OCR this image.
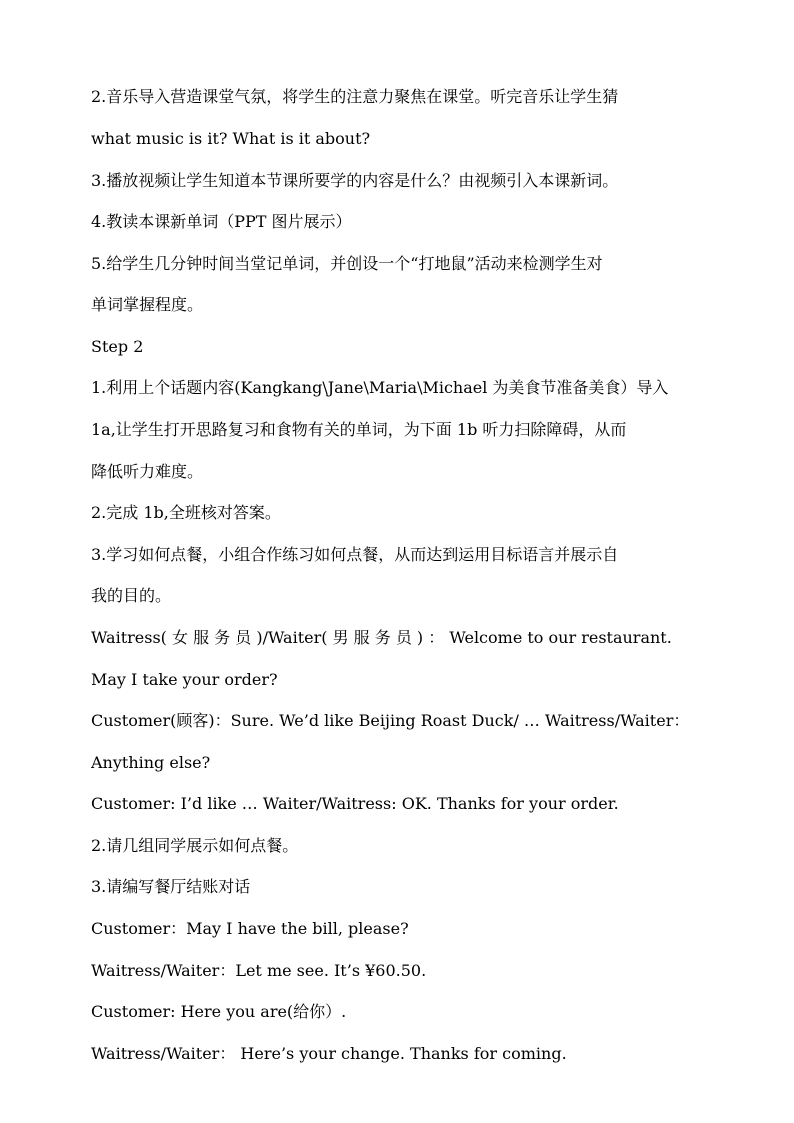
2.音乐导入营造课堂气氛，将学生的注意力聚焦在课堂。听完音乐让学生猜
what music is it? What is it about?
3.播放视频让学生知道本节课所要学的内容是什么？由视频引入本课新词。
4.教读本课新单词（PPT 图片展示）
5.给学生几分钟时间当堂记单词，并创设一个“打地鼠”活动来检测学生对
单词掌握程度。
Step 2
1.利用上个话题内容(Kangkang\Jane\Maria\Michael 为美食节准备美食）导入
1a,让学生打开思路复习和食物有关的单词，为下面 1b 听力扫除障碍，从而
降低听力难度。
2.完成 1b,全班核对答案。
3.学习如何点餐，小组合作练习如何点餐，从而达到运用目标语言并展示自
我的目的。
Waitress( 女 服 务 员 )/Waiter( 男 服 务 员 ) ： Welcome to our restaurant.
May I take your order?
Customer(顾客)：Sure. We’d like Beijing Roast Duck/ … Waitress/Waiter：
Anything else?
Customer: I’d like … Waiter/Waitress: OK. Thanks for your order.
2.请几组同学展示如何点餐。
3.请编写餐厅结账对话
Customer：May I have the bill, please?
Waitress/Waiter：Let me see. It’s ¥60.50.
Customer: Here you are(给你）.
Waitress/Waiter： Here’s your change. Thanks for coming.
